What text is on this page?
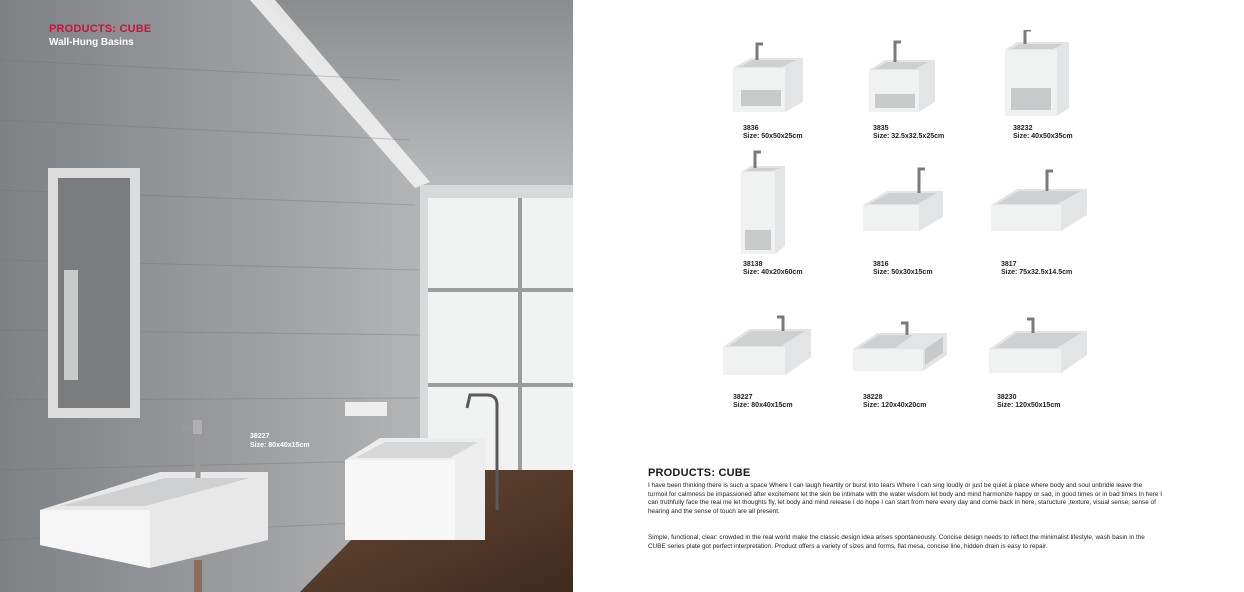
PRODUCTS: CUBE
Wall-Hung Basins
38227
Size: 80x40x15cm
3836
Size: 50x50x25cm
3835
Size: 32.5x32.5x25cm
38232
Size: 40x50x35cm
38138
Size: 40x20x60cm
3816
Size: 50x30x15cm
3817
Size: 75x32.5x14.5cm
38227
Size: 80x40x15cm
38228
Size: 120x40x20cm
38230
Size: 120x50x15cm
PRODUCTS: CUBE

I have been thinking there is such a space Where I can laugh heartily or burst into tears Where I can sing loudly or just be quiet a place where body and soul unbridle leave the turmoil for calmness be impassioned after excitement let the skin be intimate with the water wisdom let body and mind harmonize happy or sad, in good times or in bad times In here I can truthfully face the real me let thoughts fly, let body and mind release I do hope I can start from here every day and come back in here, staructure ,texture, visual sense, sense of hearing and the sense of touch are all present.

Simple, functional, clear: crowded in the real world make the classic design idea arises spontaneously. Concise design needs to reflect the minimalist lifestyle, wash basin in the CUBE series plate got perfect interpretation. Product offers a variety of sizes and forms, flat mesa, concise line, hidden drain is easy to repair.
